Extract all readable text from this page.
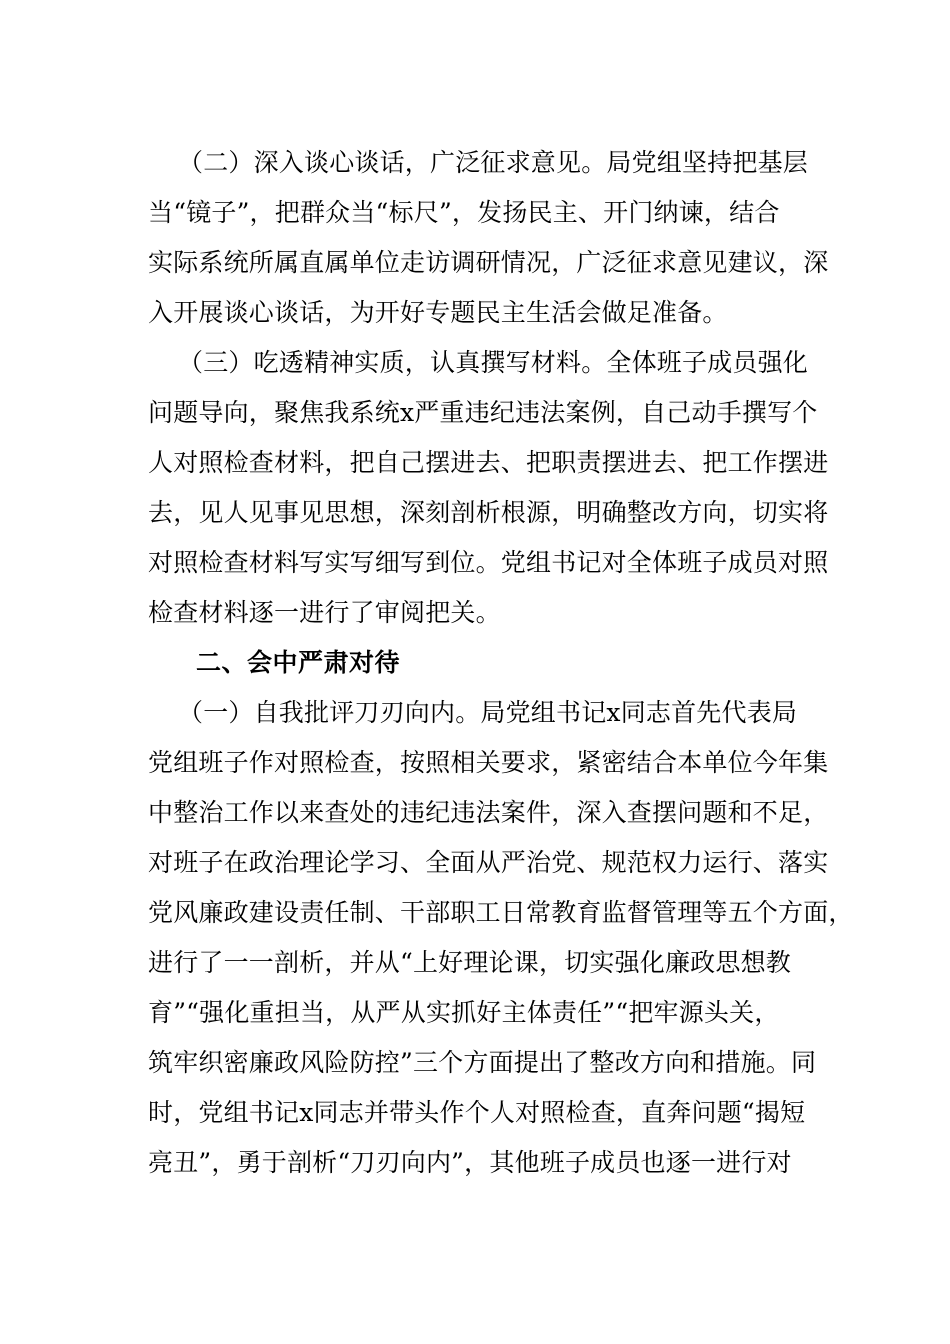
（二）深入谈心谈话，广泛征求意见。局党组坚持把基层
当“镜子”，把群众当“标尺”，发扬民主、开门纳谏，结合
实际系统所属直属单位走访调研情况，广泛征求意见建议，深
入开展谈心谈话，为开好专题民主生活会做足准备。
（三）吃透精神实质，认真撰写材料。全体班子成员强化
问题导向，聚焦我系统x严重违纪违法案例，自己动手撰写个
人对照检查材料，把自己摆进去、把职责摆进去、把工作摆进
去，见人见事见思想，深刻剖析根源，明确整改方向，切实将
对照检查材料写实写细写到位。党组书记对全体班子成员对照
检查材料逐一进行了审阅把关。
二、会中严肃对待
（一）自我批评刀刃向内。局党组书记x同志首先代表局
党组班子作对照检查，按照相关要求，紧密结合本单位今年集
中整治工作以来查处的违纪违法案件，深入查摆问题和不足，
对班子在政治理论学习、全面从严治党、规范权力运行、落实
党风廉政建设责任制、干部职工日常教育监督管理等五个方面，
进行了一一剖析，并从“上好理论课，切实强化廉政思想教
育”“强化重担当，从严从实抓好主体责任”“把牢源头关，
筑牢织密廉政风险防控”三个方面提出了整改方向和措施。同
时，党组书记x同志并带头作个人对照检查，直奔问题“揭短
亮丑”，勇于剖析“刀刃向内”，其他班子成员也逐一进行对
